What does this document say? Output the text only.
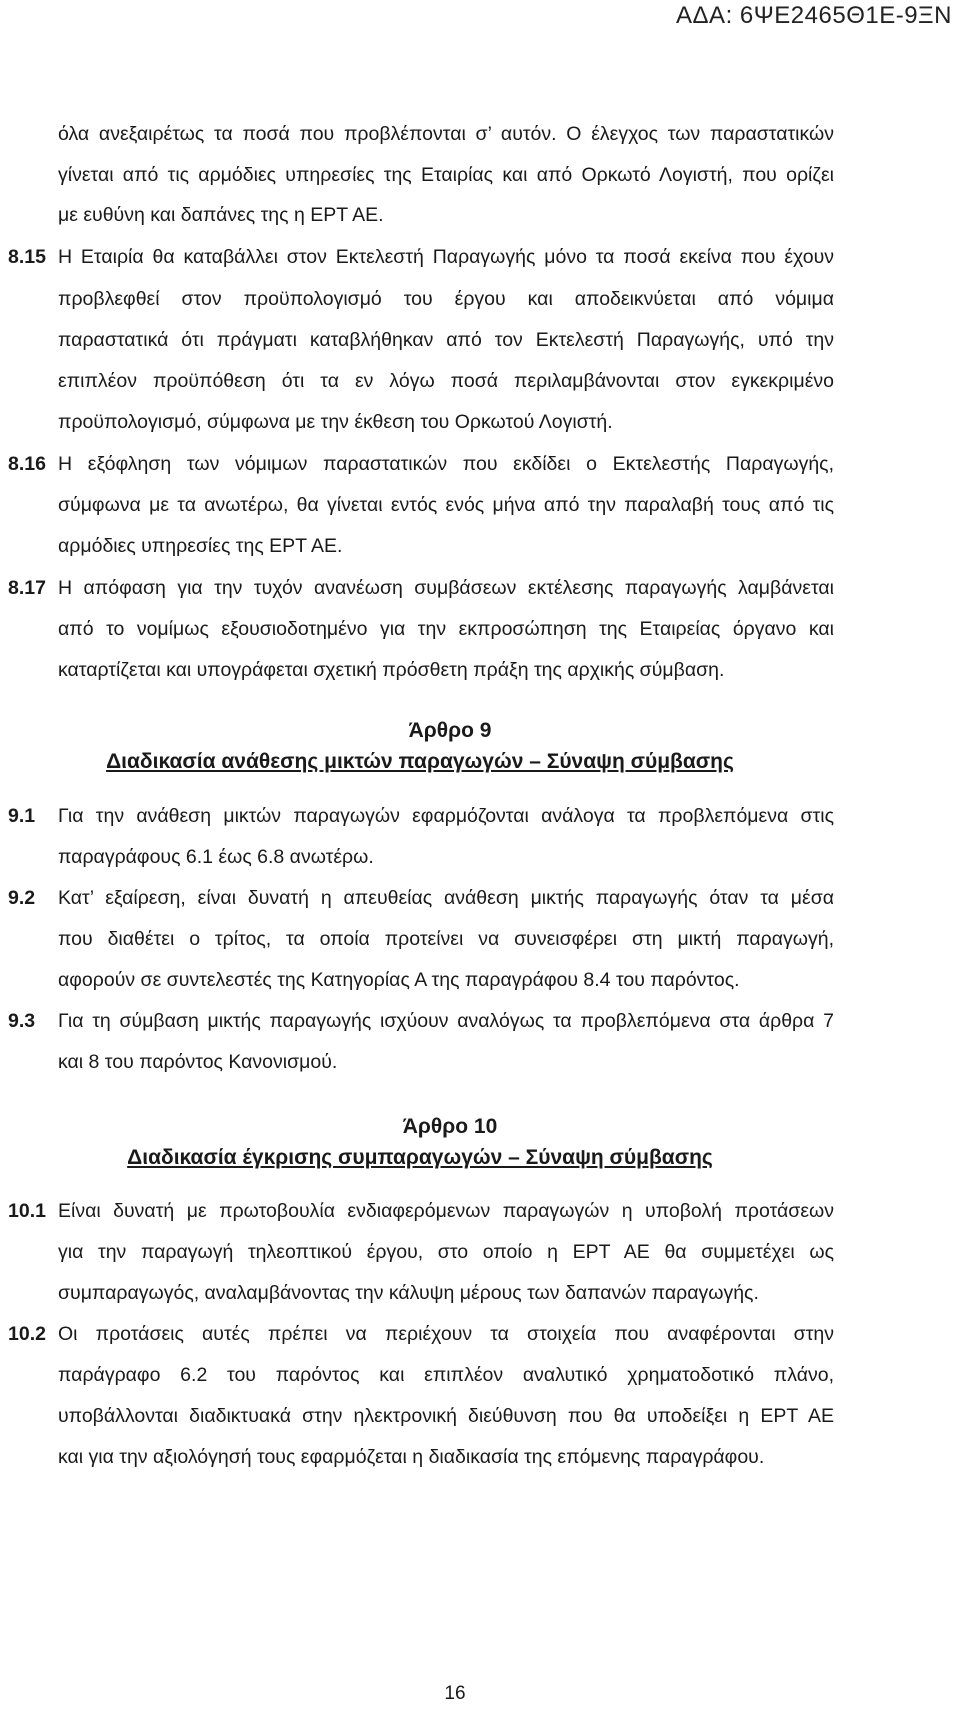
ΑΔΑ: 6ΨΕ2465Θ1Ε-9ΞΝ
όλα ανεξαιρέτως τα ποσά που προβλέπονται σ’ αυτόν. Ο έλεγχος των παραστατικών
γίνεται από τις αρμόδιες υπηρεσίες της Εταιρίας και από Ορκωτό Λογιστή, που ορίζει
με ευθύνη και δαπάνες της η ΕΡΤ ΑΕ.
8.15 Η Εταιρία θα καταβάλλει στον Εκτελεστή Παραγωγής μόνο τα ποσά εκείνα που έχουν
προβλεφθεί στον προϋπολογισμό του έργου και αποδεικνύεται από νόμιμα
παραστατικά ότι πράγματι καταβλήθηκαν από τον Εκτελεστή Παραγωγής, υπό την
επιπλέον προϋπόθεση ότι τα εν λόγω ποσά περιλαμβάνονται στον εγκεκριμένο
προϋπολογισμό, σύμφωνα με την έκθεση του Ορκωτού Λογιστή.
8.16 Η εξόφληση των νόμιμων παραστατικών που εκδίδει ο Εκτελεστής Παραγωγής,
σύμφωνα με τα ανωτέρω, θα γίνεται εντός ενός μήνα από την παραλαβή τους από τις
αρμόδιες υπηρεσίες της ΕΡΤ ΑΕ.
8.17 Η απόφαση για την τυχόν ανανέωση συμβάσεων εκτέλεσης παραγωγής λαμβάνεται
από το νομίμως εξουσιοδοτημένο για την εκπροσώπηση της Εταιρείας όργανο και
καταρτίζεται και υπογράφεται σχετική πρόσθετη πράξη της αρχικής σύμβαση.
Άρθρο 9
Διαδικασία ανάθεσης μικτών παραγωγών – Σύναψη σύμβασης
9.1 Για την ανάθεση μικτών παραγωγών εφαρμόζονται ανάλογα τα προβλεπόμενα στις
παραγράφους 6.1 έως 6.8 ανωτέρω.
9.2 Κατ’ εξαίρεση, είναι δυνατή η απευθείας ανάθεση μικτής παραγωγής όταν τα μέσα
που διαθέτει ο τρίτος, τα οποία προτείνει να συνεισφέρει στη μικτή παραγωγή,
αφορούν σε συντελεστές της Κατηγορίας Α της παραγράφου 8.4 του παρόντος.
9.3 Για τη σύμβαση μικτής παραγωγής ισχύουν αναλόγως τα προβλεπόμενα στα άρθρα 7
και 8 του παρόντος Κανονισμού.
Άρθρο 10
Διαδικασία έγκρισης συμπαραγωγών – Σύναψη σύμβασης
10.1 Είναι δυνατή με πρωτοβουλία ενδιαφερόμενων παραγωγών η υποβολή προτάσεων
για την παραγωγή τηλεοπτικού έργου, στο οποίο η ΕΡΤ ΑΕ θα συμμετέχει ως
συμπαραγωγός, αναλαμβάνοντας την κάλυψη μέρους των δαπανών παραγωγής.
10.2 Οι προτάσεις αυτές πρέπει να περιέχουν τα στοιχεία που αναφέρονται στην
παράγραφο 6.2 του παρόντος και επιπλέον αναλυτικό χρηματοδοτικό πλάνο,
υποβάλλονται διαδικτυακά στην ηλεκτρονική διεύθυνση που θα υποδείξει η ΕΡΤ ΑΕ
και για την αξιολόγησή τους εφαρμόζεται η διαδικασία της επόμενης παραγράφου.
16
